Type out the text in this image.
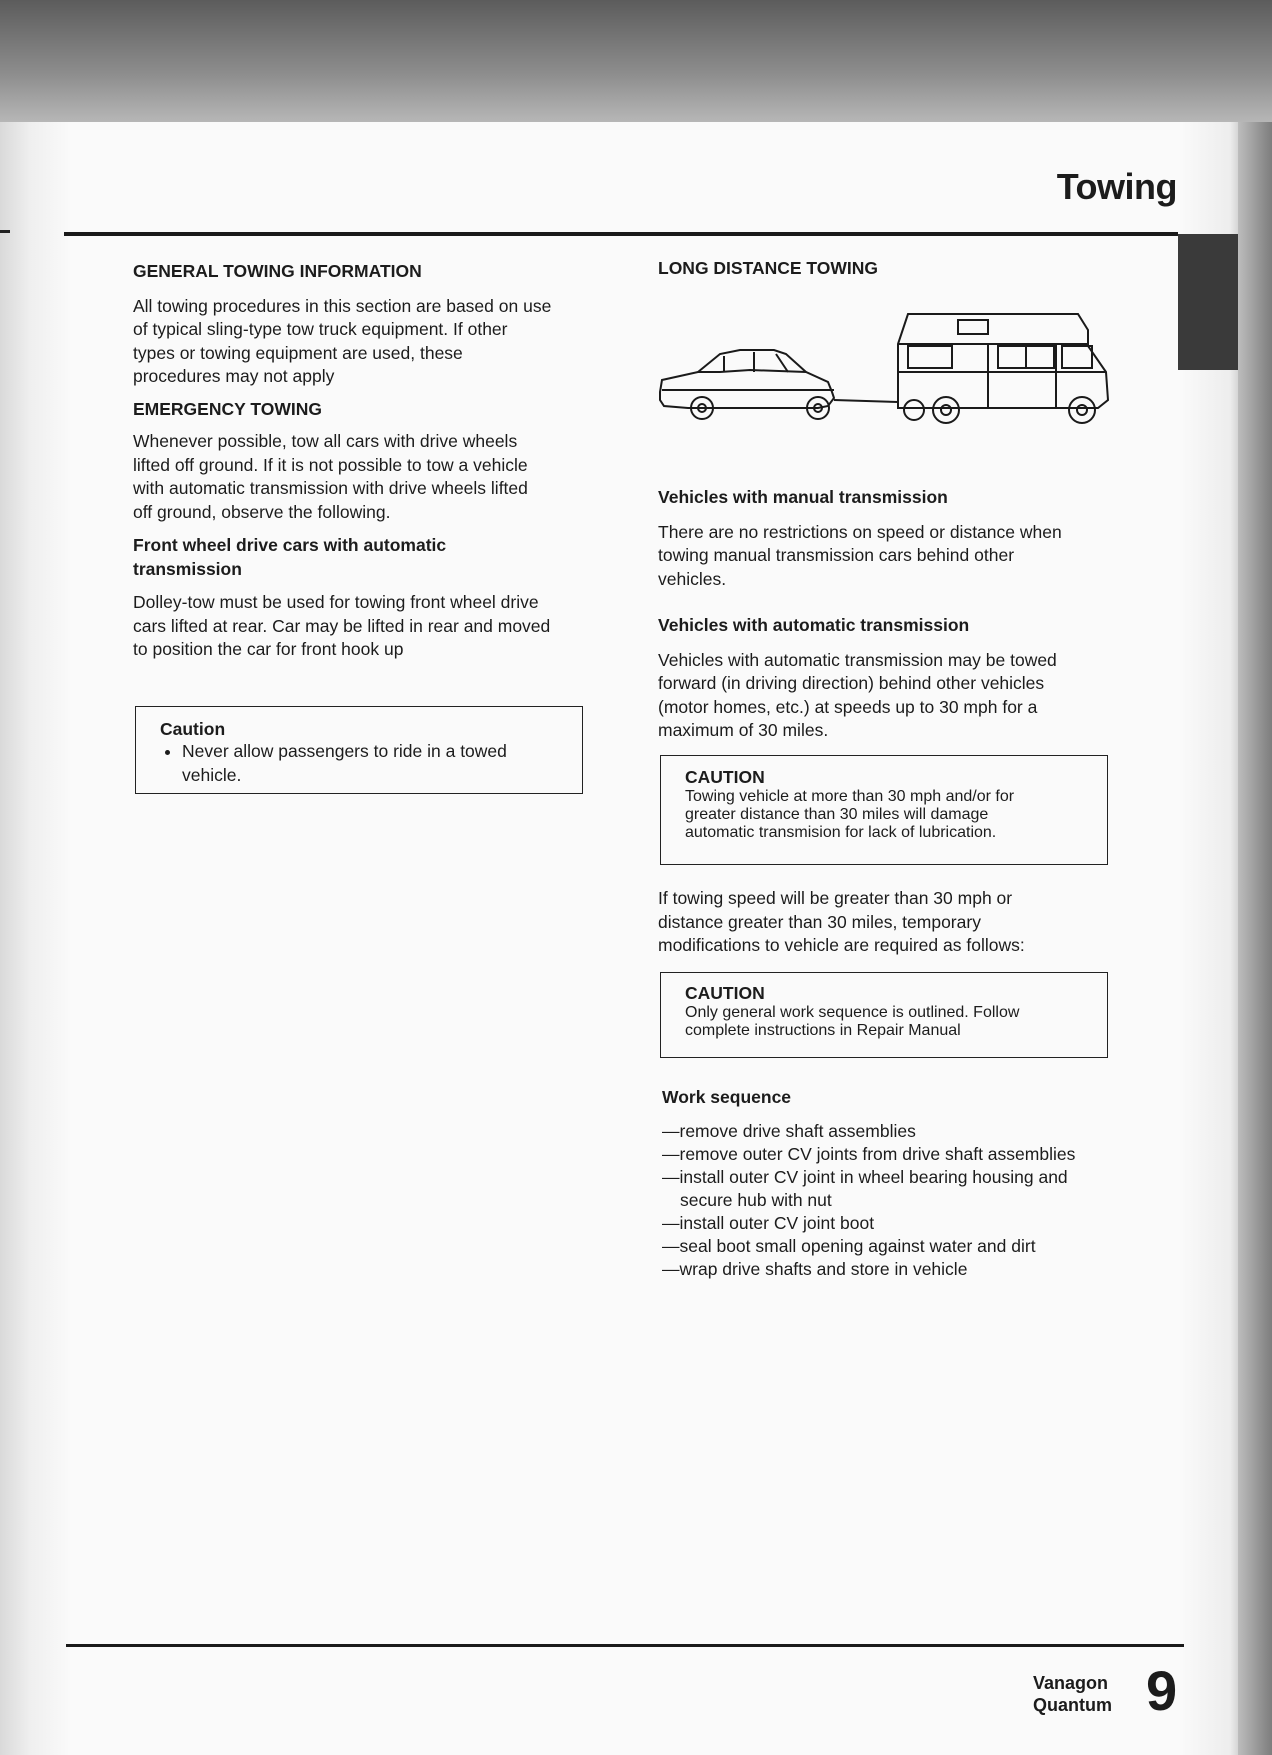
Towing
GENERAL TOWING INFORMATION

All towing procedures in this section are based on use

of typical sling-type tow truck equipment. If other

types or towing equipment are used, these

procedures may not apply

EMERGENCY TOWING

Whenever possible, tow all cars with drive wheels

lifted off ground. If it is not possible to tow a vehicle

with automatic transmission with drive wheels lifted

off ground, observe the following.

Front wheel drive cars with automatic
transmission

Dolley-tow must be used for towing front wheel drive

cars lifted at rear. Car may be lifted in rear and moved

to position the car for front hook up

Caution
• Never allow passengers to ride in a towed
vehicle.
LONG DISTANCE TOWING
Vehicles with manual transmission

There are no restrictions on speed or distance when

towing manual transmission cars behind other

vehicles.

Vehicles with automatic transmission

Vehicles with automatic transmission may be towed

forward (in driving direction) behind other vehicles

(motor homes, etc.) at speeds up to 30 mph for a

maximum of 30 miles.

CAUTION

Towing vehicle at more than 30 mph and/or for

greater distance than 30 miles will damage

automatic transmision for lack of lubrication.

If towing speed will be greater than 30 mph or

distance greater than 30 miles, temporary

modifications to vehicle are required as follows:

CAUTION

Only general work sequence is outlined. Follow

complete instructions in Repair Manual

Work sequence
—remove drive shaft assemblies
—remove outer CV joints from drive shaft assemblies
—install outer CV joint in wheel bearing housing and secure hub with nut
—install outer CV joint boot
—seal boot small opening against water and dirt
—wrap drive shafts and store in vehicle
Vanagon
Quantum 9
